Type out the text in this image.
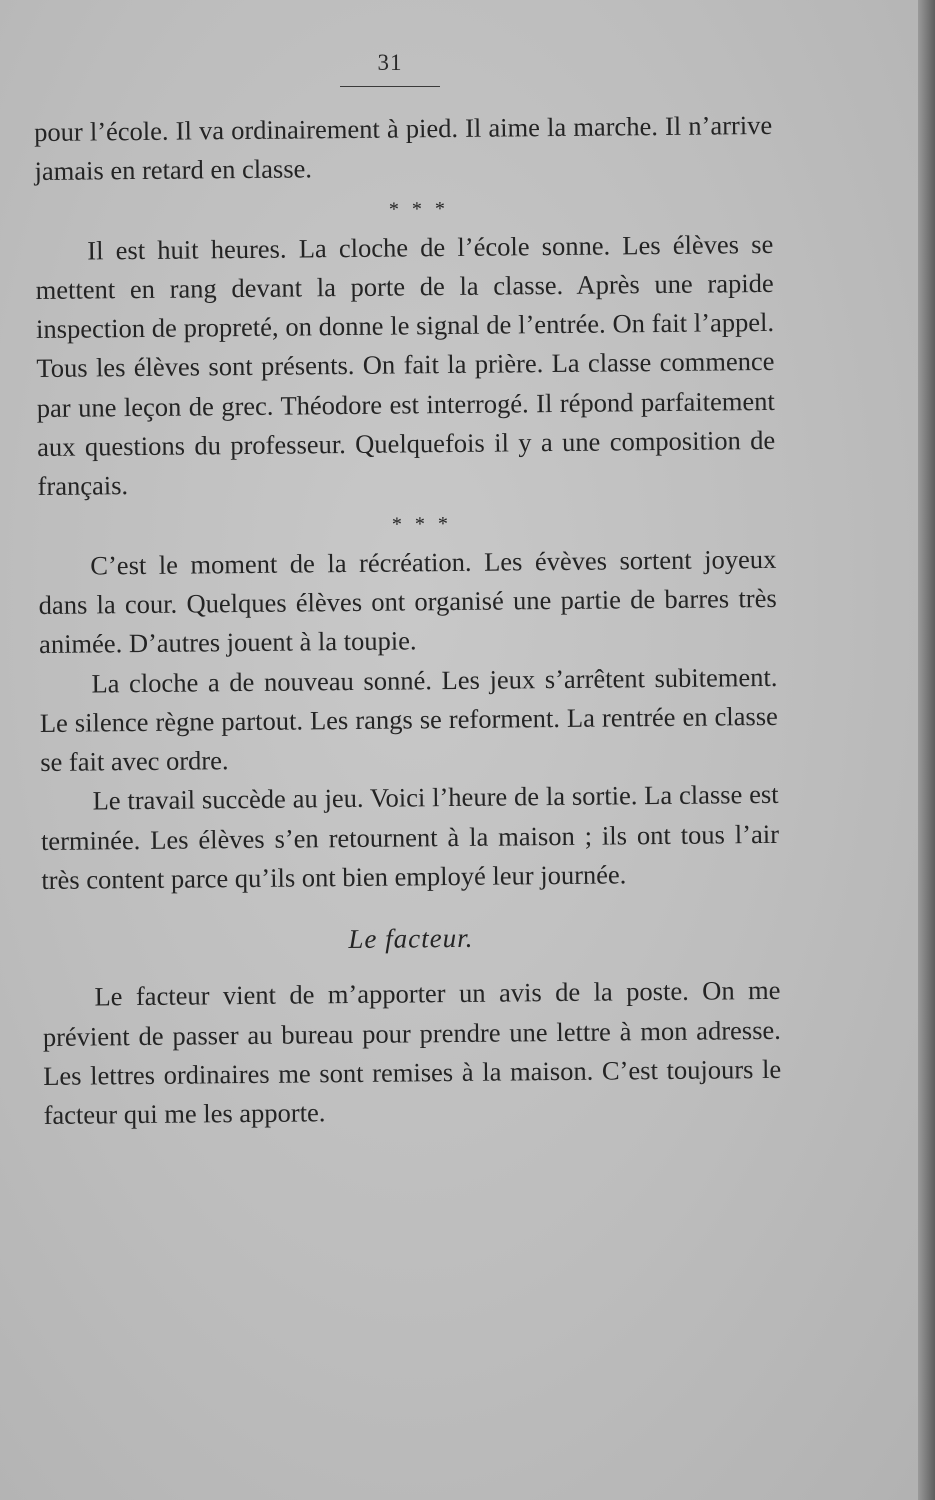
31

pour l’école. Il va ordinairement à pied. Il aime la marche. Il n’arrive jamais en retard en classe.

* * *

Il est huit heures. La cloche de l’école sonne. Les élèves se mettent en rang devant la porte de la classe. Après une rapide inspection de propreté, on donne le signal de l’entrée. On fait l’appel. Tous les élèves sont présents. On fait la prière. La classe commence par une leçon de grec. Théodore est interrogé. Il répond parfaitement aux questions du professeur. Quelquefois il y a une composition de français.

* * *

C’est le moment de la récréation. Les évèves sortent joyeux dans la cour. Quelques élèves ont organisé une partie de barres très animée. D’autres jouent à la toupie.

La cloche a de nouveau sonné. Les jeux s’arrêtent subitement. Le silence règne partout. Les rangs se reforment. La rentrée en classe se fait avec ordre.

Le travail succède au jeu. Voici l’heure de la sortie. La classe est terminée. Les élèves s’en retournent à la maison ; ils ont tous l’air très content parce qu’ils ont bien employé leur journée.

Le facteur.

Le facteur vient de m’apporter un avis de la poste. On me prévient de passer au bureau pour prendre une lettre à mon adresse. Les lettres ordinaires me sont remises à la maison. C’est toujours le facteur qui me les apporte.
